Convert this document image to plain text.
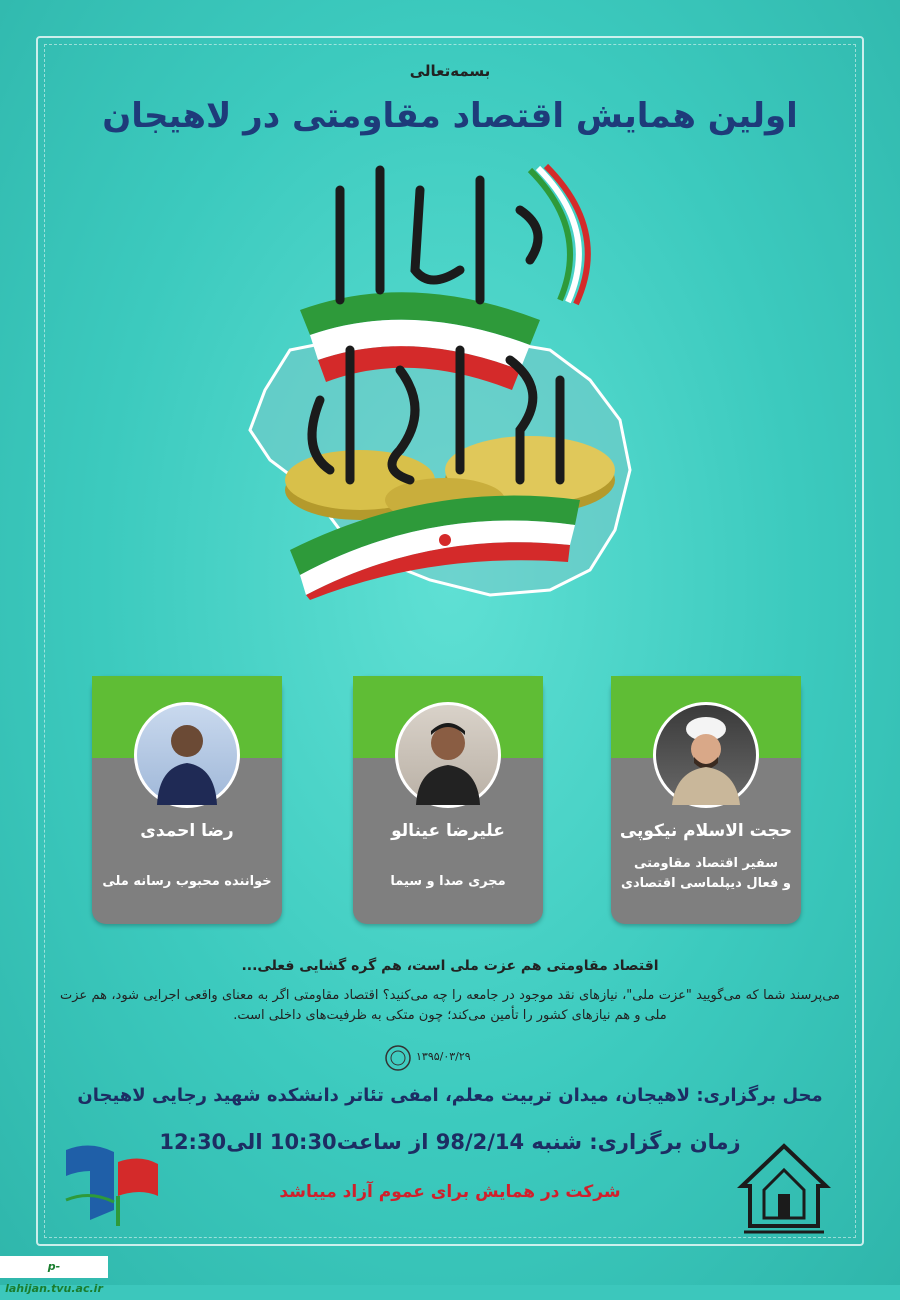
بسمه‌تعالی
اولین همایش اقتصاد مقاومتی در لاهیجان
رضا احمدی
خواننده محبوب رسانه ملی
علیرضا عینالو
مجری صدا و سیما
حجت الاسلام نیکوپی
سفیر اقتصاد مقاومتی
و فعال دیپلماسی اقتصادی
اقتصاد مقاومتی هم عزت ملی است، هم گره گشایی فعلی...
می‌پرسند شما که می‌گویید "عزت ملی"، نیازهای نقد موجود در جامعه را چه می‌کنید؟ اقتصاد مقاومتی اگر به معنای واقعی اجرایی شود، هم عزت ملی و هم نیازهای کشور را تأمین می‌کند؛ چون متکی به ظرفیت‌های داخلی است.
۱۳۹۵/۰۳/۲۹
محل برگزاری: لاهیجان، میدان تربیت معلم، امفی تئاتر دانشکده شهید رجایی لاهیجان
زمان برگزاری: شنبه 98/2/14 از ساعت10:30 الی12:30
شرکت در همایش برای عموم آزاد میباشد
p-lahijan.tvu.ac.ir
